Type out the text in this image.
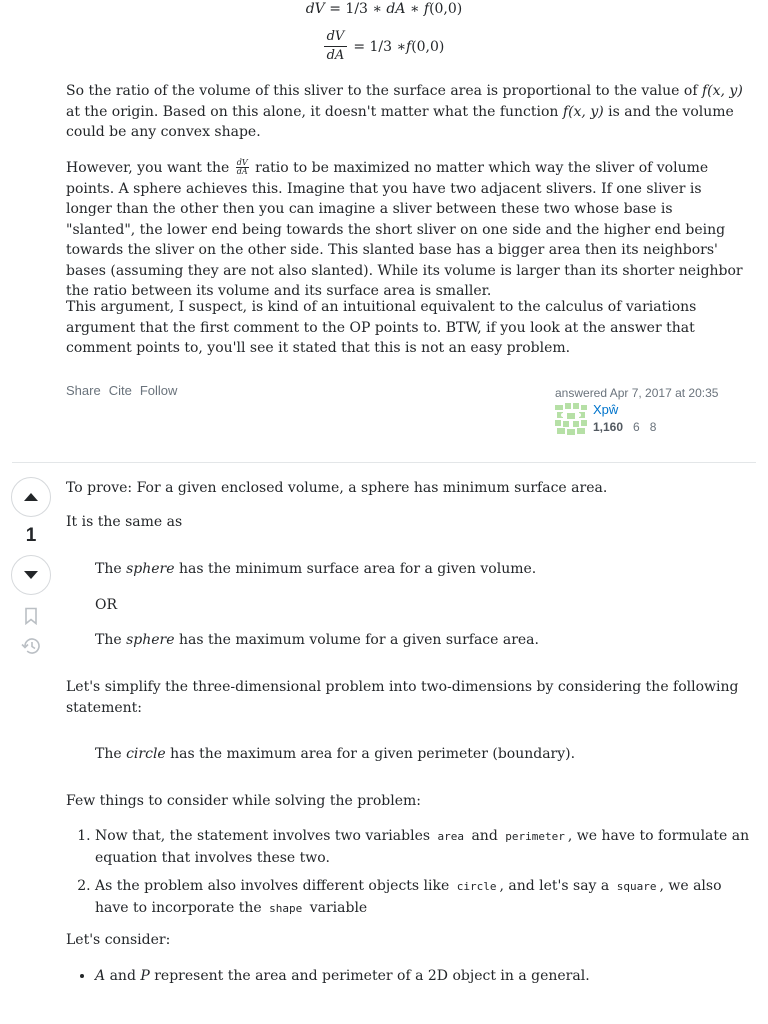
dV = 1/3 ∗ dA ∗ f(0,0)
$\frac{dV}{dA} = 1/3$ ∗ f (0,0)

So the ratio of the volume of this sliver to the surface area is proportional to the value of f(x, y) at the origin. Based on this alone, it doesn't matter what the function f(x, y) is and the volume could be any convex shape.

However, you want the $\frac{dV}{dA}$ ratio to be maximized no matter which way the sliver of volume points. A sphere achieves this. Imagine that you have two adjacent slivers. If one sliver is longer than the other then you can imagine a sliver between these two whose base is "slanted", the lower end being towards the short sliver on one side and the higher end being towards the sliver on the other side. This slanted base has a bigger area then its neighbors' bases (assuming they are not also slanted). While its volume is larger than its shorter neighbor the ratio between its volume and its surface area is smaller.

This argument, I suspect, is kind of an intuitional equivalent to the calculus of variations argument that the first comment to the OP points to. BTW, if you look at the answer that comment points to, you'll see it stated that this is not an easy problem.

Share Cite Follow	answered Apr 7, 2017 at 20:35
Xpŵ
1,160 6 8
1

To prove: For a given enclosed volume, a sphere has minimum surface area.

It is the same as

The sphere has the minimum surface area for a given volume.

OR

The sphere has the maximum volume for a given surface area.

Let's simplify the three-dimensional problem into two-dimensions by considering the following statement:

The circle has the maximum area for a given perimeter (boundary).

Few things to consider while solving the problem:

1. Now that, the statement involves two variables area and perimeter , we have to formulate an equation that involves these two.
2. As the problem also involves different objects like circle , and let's say a square , we also have to incorporate the shape variable

Let's consider:

• A and P represent the area and perimeter of a 2D object in a general.
